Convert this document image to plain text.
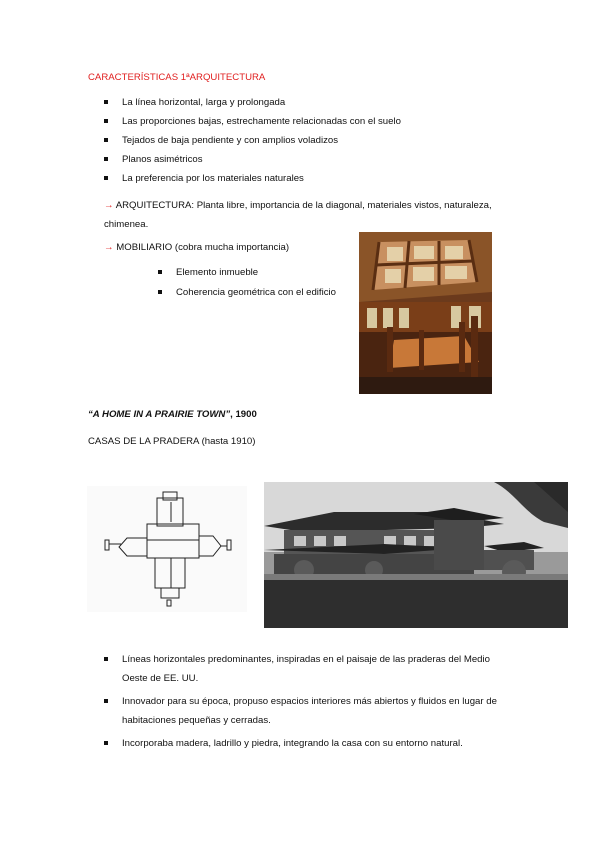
CARACTERÍSTICAS 1ªARQUITECTURA
La línea horizontal, larga y prolongada
Las proporciones bajas, estrechamente relacionadas con el suelo
Tejados de baja pendiente y con amplios voladizos
Planos asimétricos
La preferencia por los materiales naturales
→ ARQUITECTURA: Planta libre, importancia de la diagonal, materiales vistos, naturaleza,
chimenea.
→ MOBILIARIO (cobra mucha importancia)
Elemento inmueble
Coherencia geométrica con el edificio
“A HOME IN A PRAIRIE TOWN”, 1900
CASAS DE LA PRADERA (hasta 1910)
Líneas horizontales predominantes, inspiradas en el paisaje de las praderas del Medio Oeste de EE. UU.
Innovador para su época, propuso espacios interiores más abiertos y fluidos en lugar de habitaciones pequeñas y cerradas.
Incorporaba madera, ladrillo y piedra, integrando la casa con su entorno natural.
